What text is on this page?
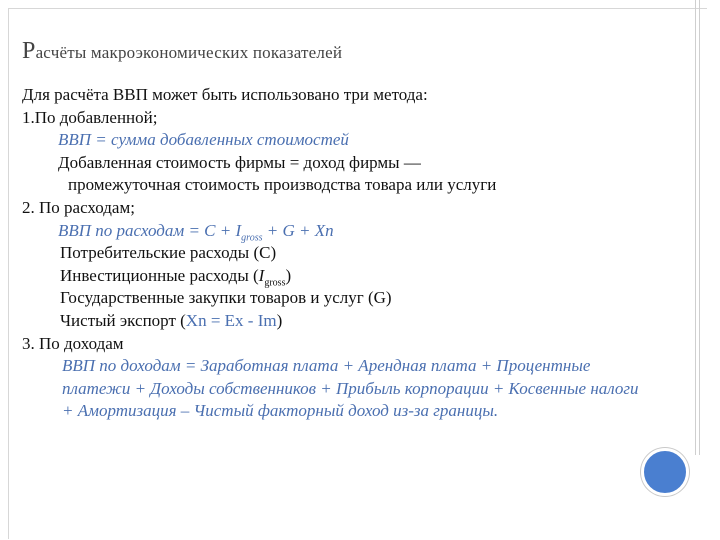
Расчёты макроэкономических показателей
Для расчёта ВВП может быть использовано три метода:
1.По добавленной;
ВВП = сумма добавленных стоимостей
Добавленная стоимость фирмы = доход фирмы —
промежуточная стоимость производства товара или услуги
2. По расходам;
ВВП по расходам = $C + I_{gross} + G + Xn$
Потребительские расходы (C)
Инвестиционные расходы $(I_{gross})$
Государственные закупки товаров и услуг (G)
Чистый экспорт (Xn = Ex - Im)
3. По доходам
ВВП по доходам = Заработная плата + Арендная плата + Процентные платежи + Доходы собственников + Прибыль корпорации + Косвенные налоги + Амортизация – Чистый факторный доход из-за границы.
